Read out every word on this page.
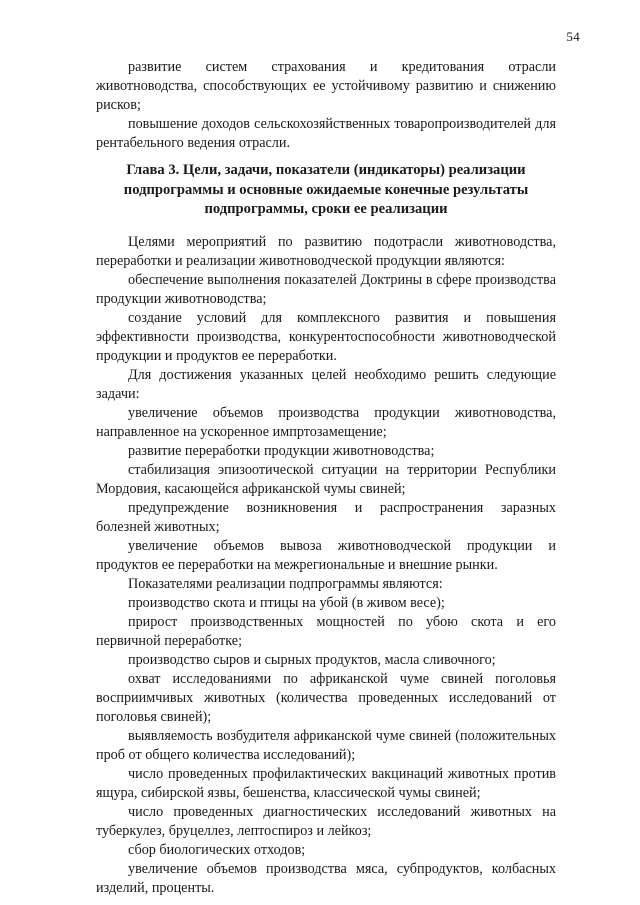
54

развитие систем страхования и кредитования отрасли животноводства, способствующих ее устойчивому развитию и снижению рисков;

повышение доходов сельскохозяйственных товаропроизводителей для рентабельного ведения отрасли.

Глава 3. Цели, задачи, показатели (индикаторы) реализации подпрограммы и основные ожидаемые конечные результаты подпрограммы, сроки ее реализации

Целями мероприятий по развитию подотрасли животноводства, переработки и реализации животноводческой продукции являются:

обеспечение выполнения показателей Доктрины в сфере производства продукции животноводства;

создание условий для комплексного развития и повышения эффективности производства, конкурентоспособности животноводческой продукции и продуктов ее переработки.

Для достижения указанных целей необходимо решить следующие задачи:

увеличение объемов производства продукции животноводства, направленное на ускоренное импртозамещение;

развитие переработки продукции животноводства;

стабилизация эпизоотической ситуации на территории Республики Мордовия, касающейся африканской чумы свиней;

предупреждение возникновения и распространения заразных болезней животных;

увеличение объемов вывоза животноводческой продукции и продуктов ее переработки на межрегиональные и внешние рынки.

Показателями реализации подпрограммы являются:

производство скота и птицы на убой (в живом весе);

прирост производственных мощностей по убою скота и его первичной переработке;

производство сыров и сырных продуктов, масла сливочного;

охват исследованиями по африканской чуме свиней поголовья восприимчивых животных (количества проведенных исследований от поголовья свиней);

выявляемость возбудителя африканской чуме свиней (положительных проб от общего количества исследований);

число проведенных профилактических вакцинаций животных против ящура, сибирской язвы, бешенства, классической чумы свиней;

число проведенных диагностических исследований животных на туберкулез, бруцеллез, лептоспироз и лейкоз;

сбор биологических отходов;

увеличение объемов производства мяса, субпродуктов, колбасных изделий, проценты.
